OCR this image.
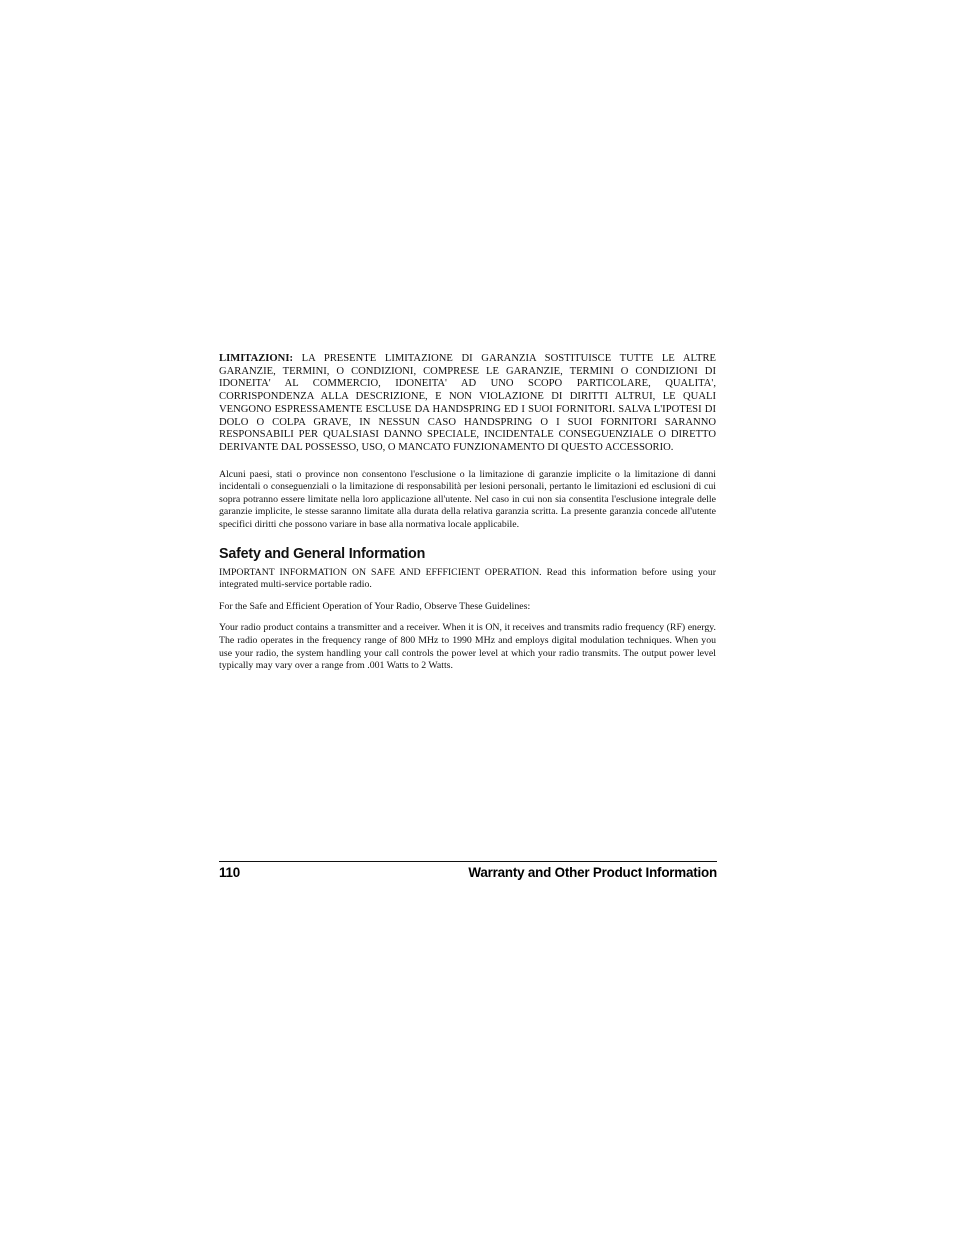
LIMITAZIONI: LA PRESENTE LIMITAZIONE DI GARANZIA SOSTITUISCE TUTTE LE ALTRE GARANZIE, TERMINI, O CONDIZIONI, COMPRESE LE GARANZIE, TERMINI O CONDIZIONI DI IDONEITA' AL COMMERCIO, IDONEITA' AD UNO SCOPO PARTICOLARE, QUALITA', CORRISPONDENZA ALLA DESCRIZIONE, E NON VIOLAZIONE DI DIRITTI ALTRUI, LE QUALI VENGONO ESPRESSAMENTE ESCLUSE DA HANDSPRING ED I SUOI FORNITORI. SALVA L'IPOTESI DI DOLO O COLPA GRAVE, IN NESSUN CASO HANDSPRING O I SUOI FORNITORI SARANNO RESPONSABILI PER QUALSIASI DANNO SPECIALE, INCIDENTALE CONSEGUENZIALE O DIRETTO DERIVANTE DAL POSSESSO, USO, O MANCATO FUNZIONAMENTO DI QUESTO ACCESSORIO.

Alcuni paesi, stati o province non consentono l'esclusione o la limitazione di garanzie implicite o la limitazione di danni incidentali o conseguenziali o la limitazione di responsabilità per lesioni personali, pertanto le limitazioni ed esclusioni di cui sopra potranno essere limitate nella loro applicazione all'utente. Nel caso in cui non sia consentita l'esclusione integrale delle garanzie implicite, le stesse saranno limitate alla durata della relativa garanzia scritta. La presente garanzia concede all'utente specifici diritti che possono variare in base alla normativa locale applicabile.

Safety and General Information

IMPORTANT INFORMATION ON SAFE AND EFFFICIENT OPERATION. Read this information before using your integrated multi-service portable radio.

For the Safe and Efficient Operation of Your Radio, Observe These Guidelines:

Your radio product contains a transmitter and a receiver. When it is ON, it receives and transmits radio frequency (RF) energy. The radio operates in the frequency range of 800 MHz to 1990 MHz and employs digital modulation techniques. When you use your radio, the system handling your call controls the power level at which your radio transmits. The output power level typically may vary over a range from .001 Watts to 2 Watts.

110	Warranty and Other Product Information
